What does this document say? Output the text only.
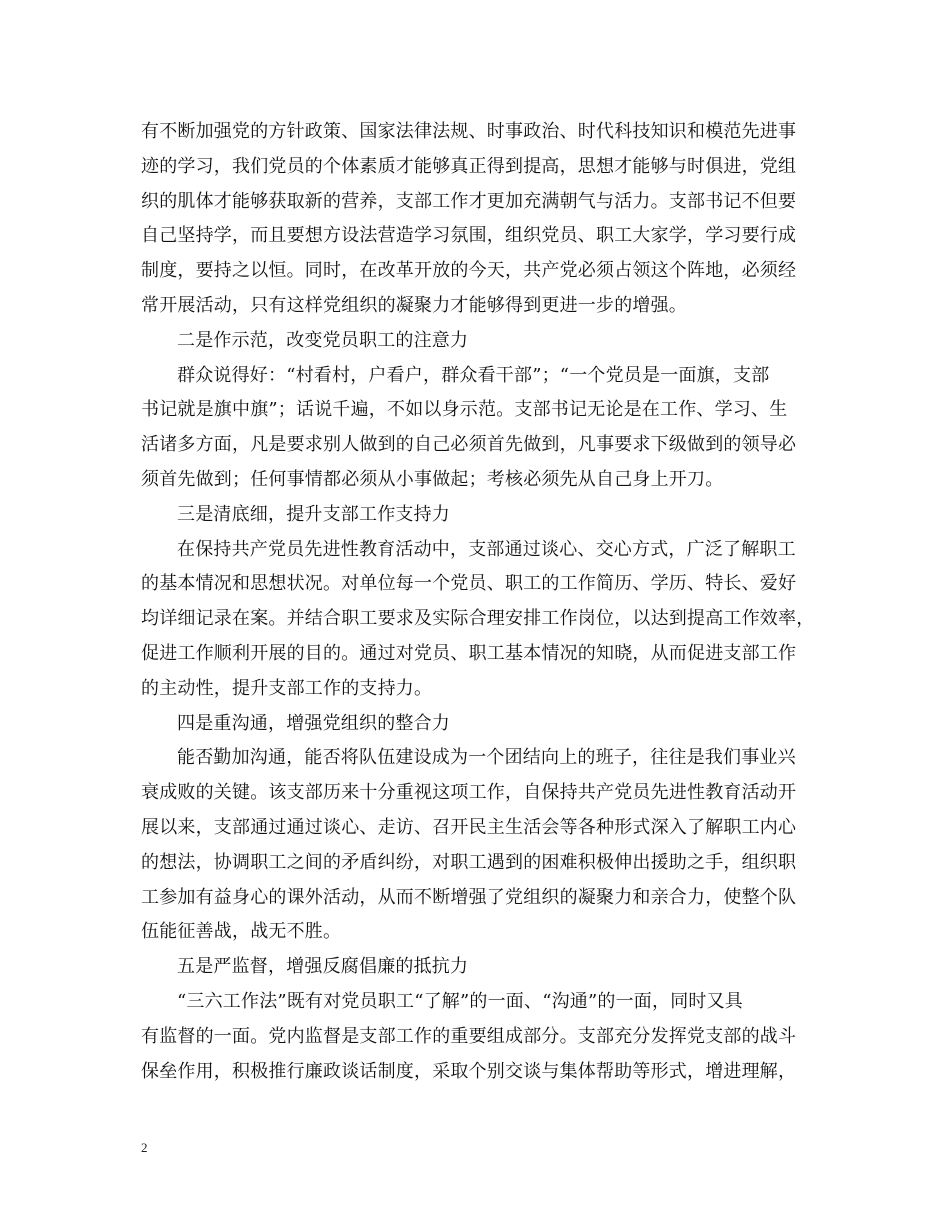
有不断加强党的方针政策、国家法律法规、时事政治、时代科技知识和模范先进事
迹的学习，我们党员的个体素质才能够真正得到提高，思想才能够与时俱进，党组
织的肌体才能够获取新的营养，支部工作才更加充满朝气与活力。支部书记不但要
自己坚持学，而且要想方设法营造学习氛围，组织党员、职工大家学，学习要行成
制度，要持之以恒。同时，在改革开放的今天，共产党必须占领这个阵地，必须经
常开展活动，只有这样党组织的凝聚力才能够得到更进一步的增强。
二是作示范，改变党员职工的注意力
群众说得好：“村看村，户看户，群众看干部”；“一个党员是一面旗，支部
书记就是旗中旗”；话说千遍，不如以身示范。支部书记无论是在工作、学习、生
活诸多方面，凡是要求别人做到的自己必须首先做到，凡事要求下级做到的领导必
须首先做到；任何事情都必须从小事做起；考核必须先从自己身上开刀。
三是清底细，提升支部工作支持力
在保持共产党员先进性教育活动中，支部通过谈心、交心方式，广泛了解职工
的基本情况和思想状况。对单位每一个党员、职工的工作简历、学历、特长、爱好
均详细记录在案。并结合职工要求及实际合理安排工作岗位，以达到提高工作效率，
促进工作顺利开展的目的。通过对党员、职工基本情况的知晓，从而促进支部工作
的主动性，提升支部工作的支持力。
四是重沟通，增强党组织的整合力
能否勤加沟通，能否将队伍建设成为一个团结向上的班子，往往是我们事业兴
衰成败的关键。该支部历来十分重视这项工作，自保持共产党员先进性教育活动开
展以来，支部通过通过谈心、走访、召开民主生活会等各种形式深入了解职工内心
的想法，协调职工之间的矛盾纠纷，对职工遇到的困难积极伸出援助之手，组织职
工参加有益身心的课外活动，从而不断增强了党组织的凝聚力和亲合力，使整个队
伍能征善战，战无不胜。
五是严监督，增强反腐倡廉的抵抗力
“三六工作法”既有对党员职工“了解”的一面、“沟通”的一面，同时又具
有监督的一面。党内监督是支部工作的重要组成部分。支部充分发挥党支部的战斗
保垒作用，积极推行廉政谈话制度，采取个别交谈与集体帮助等形式，增进理解，
2
